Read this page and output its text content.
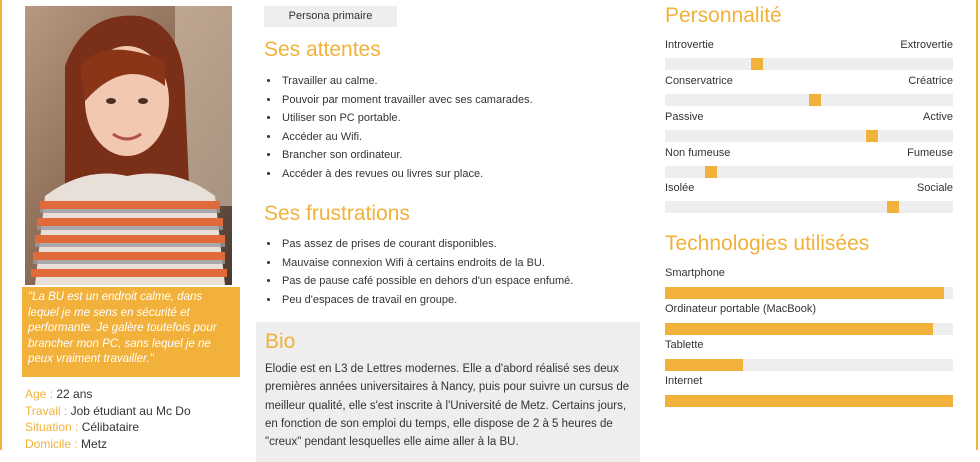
"La BU est un endroit calme, dans lequel je me sens en sécurité et performante. Je galère toutefois pour brancher mon PC, sans lequel je ne peux vraiment travailler."
Age : 22 ans
Travail : Job étudiant au Mc Do
Situation : Célibataire
Domicile : Metz
Persona primaire
Ses attentes
• Travailler au calme.
• Pouvoir par moment travailler avec ses camarades.
• Utiliser son PC portable.
• Accéder au Wifi.
• Brancher son ordinateur.
• Accéder à des revues ou livres sur place.
Ses frustrations
• Pas assez de prises de courant disponibles.
• Mauvaise connexion Wifi à certains endroits de la BU.
• Pas de pause café possible en dehors d'un espace enfumé.
• Peu d'espaces de travail en groupe.
Bio

Elodie est en L3 de Lettres modernes. Elle a d'abord réalisé ses deux premières années universitaires à Nancy, puis pour suivre un cursus de meilleur qualité, elle s'est inscrite à l'Université de Metz. Certains jours, en fonction de son emploi du temps, elle dispose de 2 à 5 heures de "creux" pendant lesquelles elle aime aller à la BU.

Personnalité
Introvertie	Extrovertie
Conservatrice	Créatrice
Passive	Active
Non fumeuse	Fumeuse
Isolée	Sociale
Technologies utilisées
Smartphone
Ordinateur portable (MacBook)
Tablette
Internet
